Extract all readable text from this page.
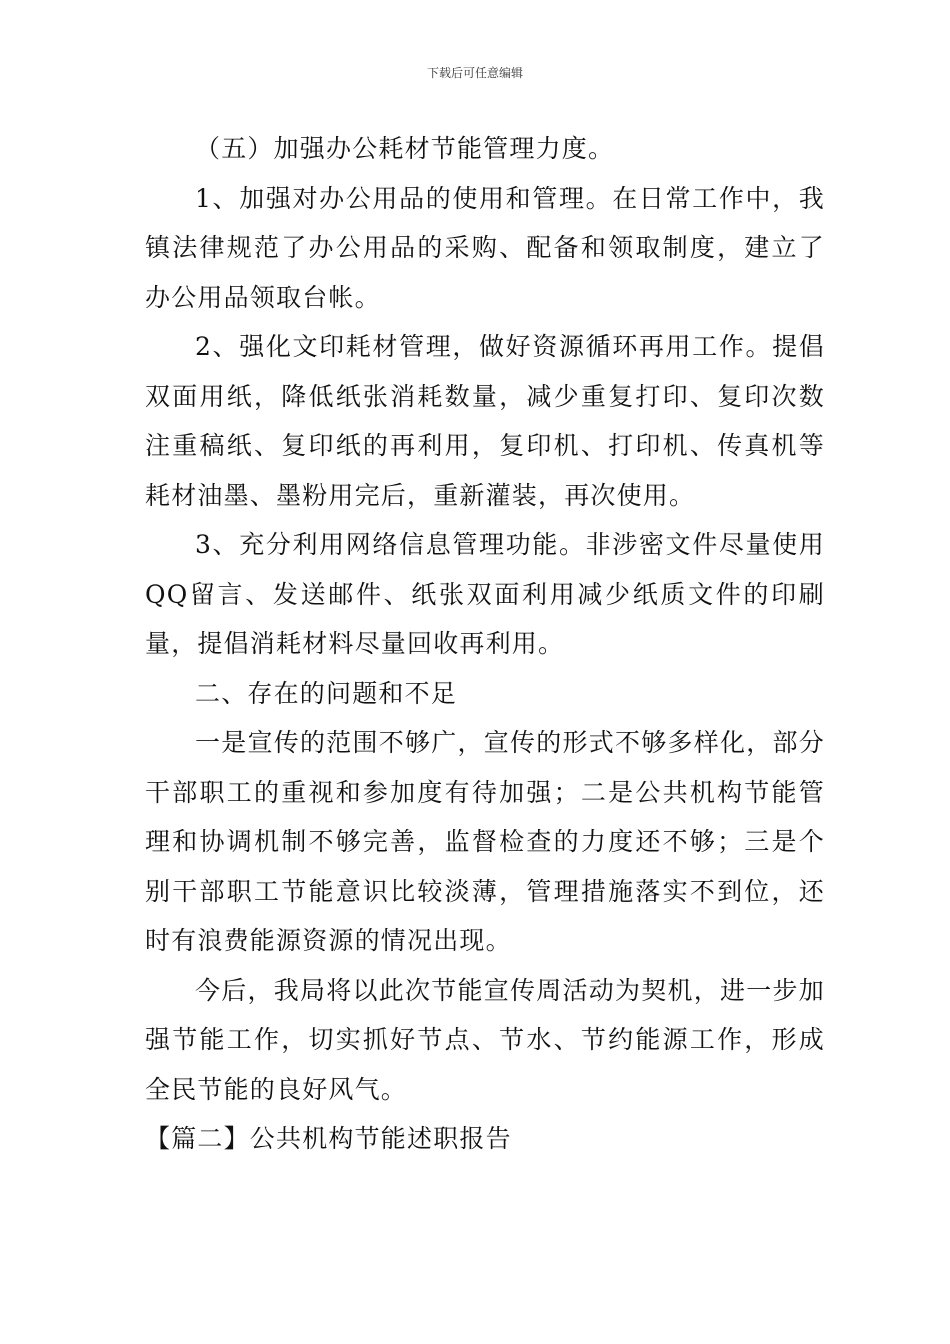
下载后可任意编辑

（五）加强办公耗材节能管理力度。

1、加强对办公用品的使用和管理。在日常工作中，我镇法律规范了办公用品的采购、配备和领取制度，建立了办公用品领取台帐。

2、强化文印耗材管理，做好资源循环再用工作。提倡双面用纸，降低纸张消耗数量，减少重复打印、复印次数注重稿纸、复印纸的再利用，复印机、打印机、传真机等耗材油墨、墨粉用完后，重新灌装，再次使用。

3、充分利用网络信息管理功能。非涉密文件尽量使用QQ留言、发送邮件、纸张双面利用减少纸质文件的印刷量，提倡消耗材料尽量回收再利用。

二、存在的问题和不足

一是宣传的范围不够广，宣传的形式不够多样化，部分干部职工的重视和参加度有待加强；二是公共机构节能管理和协调机制不够完善，监督检查的力度还不够；三是个别干部职工节能意识比较淡薄，管理措施落实不到位，还时有浪费能源资源的情况出现。

今后，我局将以此次节能宣传周活动为契机，进一步加强节能工作，切实抓好节点、节水、节约能源工作，形成全民节能的良好风气。

【篇二】公共机构节能述职报告
